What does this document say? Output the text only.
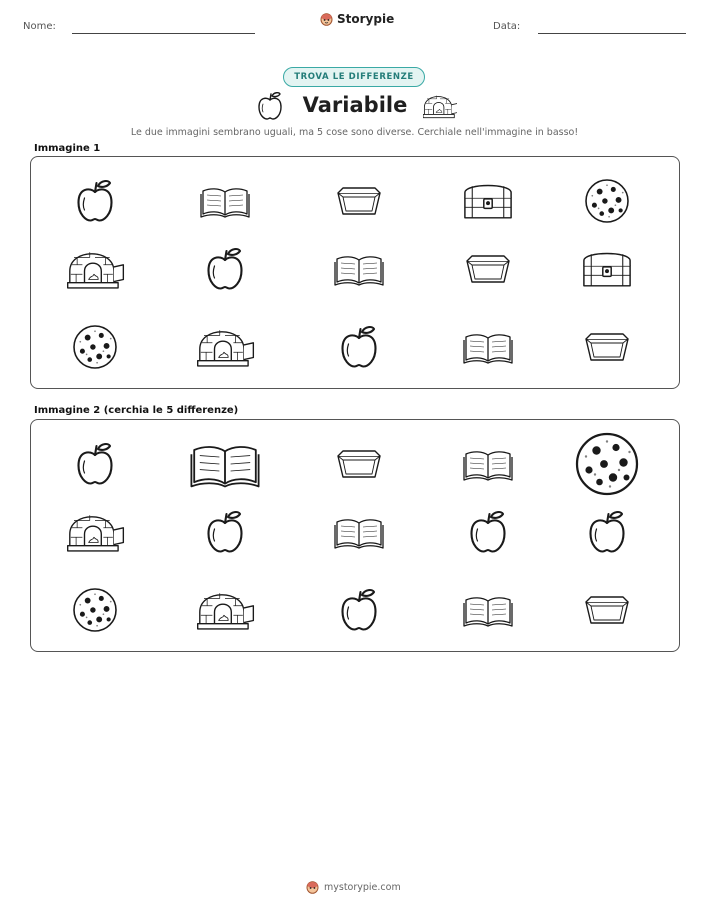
Nome:
Storypie
Data:
TROVA LE DIFFERENZE
Variabile
Le due immagini sembrano uguali, ma 5 cose sono diverse. Cerchiale nell'immagine in basso!
Immagine 1
Immagine 2 (cerchia le 5 differenze)
mystorypie.com
